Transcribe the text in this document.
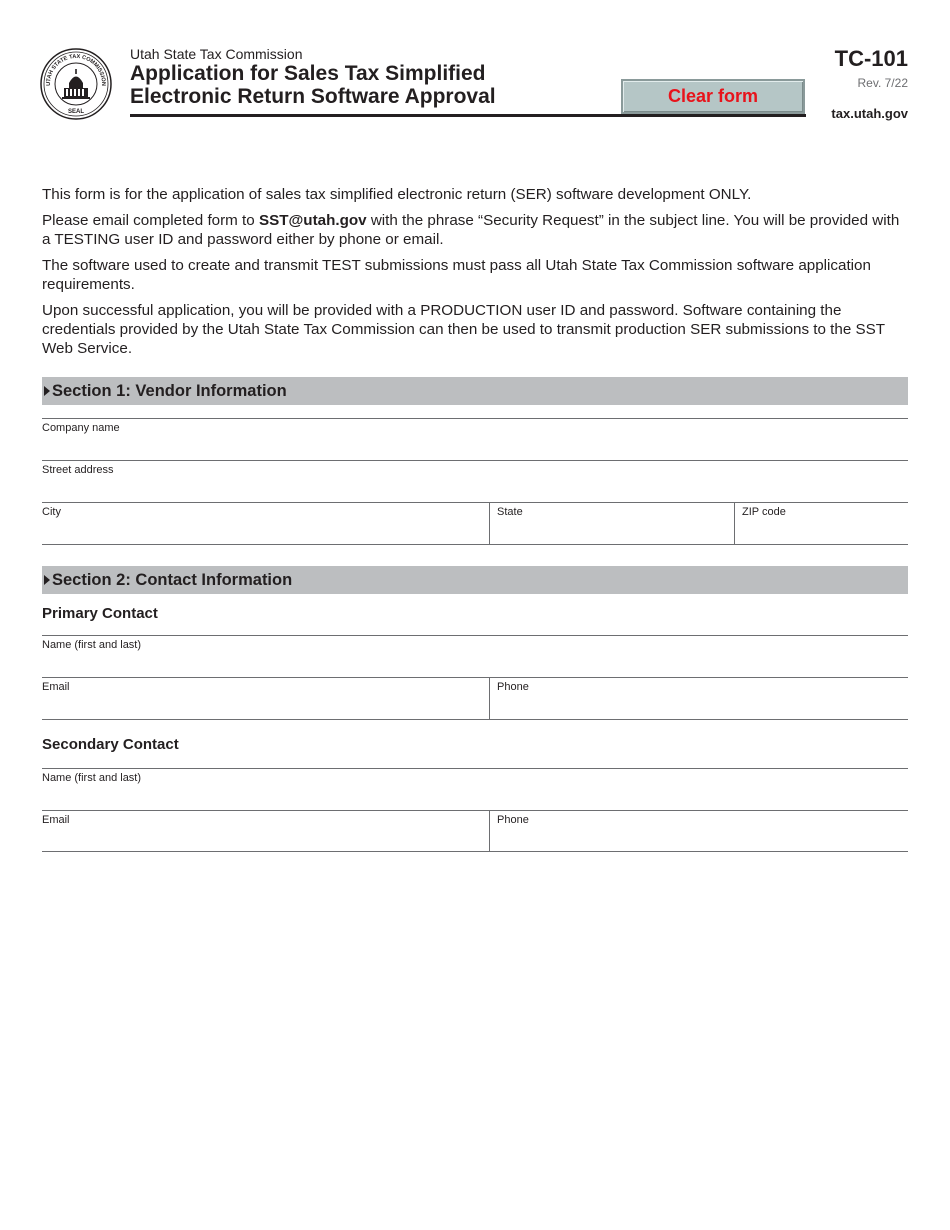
UTAH STATE TAX COMMISSION
SEAL
Utah State Tax Commission
Application for Sales Tax Simplified
Electronic Return Software Approval	Clear form
TC-101
Rev. 7/22
tax.utah.gov

This form is for the application of sales tax simplified electronic return (SER) software development ONLY.

Please email completed form to SST@utah.gov with the phrase “Security Request” in the subject line. You will be provided with a TESTING user ID and password either by phone or email.

The software used to create and transmit TEST submissions must pass all Utah State Tax Commission software application requirements.

Upon successful application, you will be provided with a PRODUCTION user ID and password. Software containing the credentials provided by the Utah State Tax Commission can then be used to transmit production SER submissions to the SST Web Service.

Section 1: Vendor Information
Company name
Street address
City	State	ZIP code
Section 2: Contact Information
Primary Contact
Name (first and last)
Email	Phone
Secondary Contact
Name (first and last)
Email	Phone
